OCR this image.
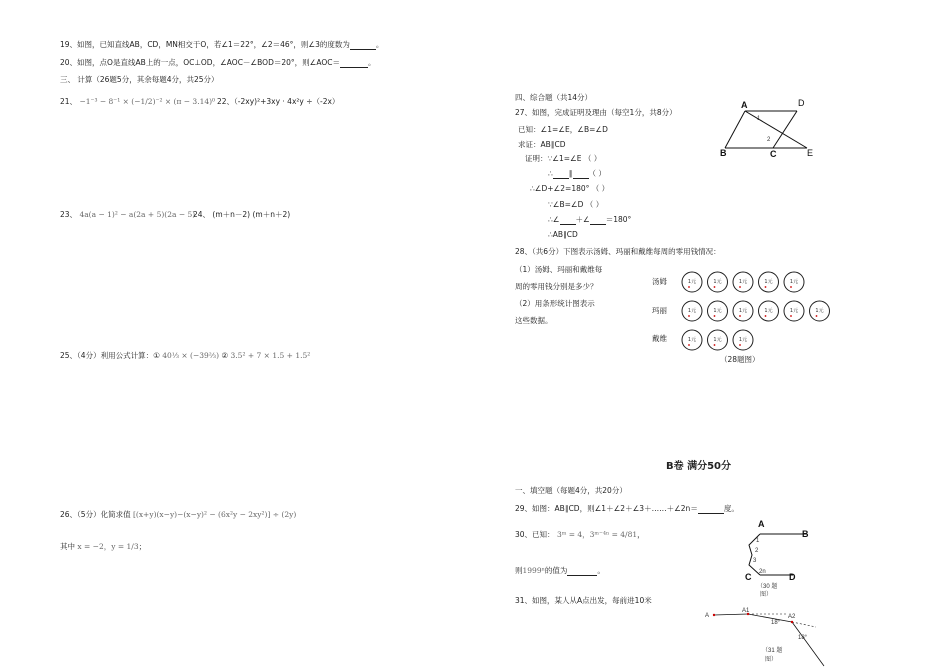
19、如图，已知直线AB，CD，MN相交于O，若∠1＝22°，∠2＝46°，则∠3的度数为	。
20、如图，点O是直线AB上的一点，OC⊥OD，∠AOC－∠BOD＝20°，则∠AOC＝	。
三、 计算（26题5分，其余每题4分，共25分）
21、 −1⁻³ − 8⁻¹ × (−1/2)⁻² × (π − 3.14)⁰ 22、（-2xy)²+3xy · 4x²y ÷（-2x）
23、 4a(a − 1)² − a(2a + 5)(2a − 5)
24、 (m＋n－2) (m＋n＋2)
25、（4分）利用公式计算：① 40⅓ × (−39⅔) ② 3.5² + 7 × 1.5 + 1.5²
26、（5分）化简求值 [(x+y)(x−y)−(x−y)² − (6x²y − 2xy²)] ÷ (2y)
其中 x = −2，y = 1/3；
四、综合题（共14分）
27、如图，完成证明及理由（每空1分，共8分）
已知：∠1=∠E，∠B=∠D
求证：AB∥CD
证明：∵∠1=∠E （ ）
∴ ∥ （ ）
∴∠D+∠2=180° （ ）
∵∠B=∠D （ ）
∴∠ ＋∠ ＝180°
∴AB∥CD
A	D
B	C	E
1
2
28、（共6分）下图表示汤姆、玛丽和戴维每周的零用钱情况：
（1）汤姆、玛丽和戴维每
周的零用钱分别是多少？
（2）用条形统计图表示
这些数据。
汤姆
玛丽
戴维
1元	1元	1元	1元	1元
1元	1元	1元	1元	1元	1元
1元	1元	1元
（28题图）
B卷 满分50分
一、填空题（每题4分，共20分）
29、如图：AB∥CD，则∠1＋∠2＋∠3＋……＋∠2n＝	度。
30、已知： 3ᵐ = 4，3ᵐ⁻⁴ⁿ = 4/81，
则1999ⁿ的值为	。
31、如图，某人从A点出发，每前进10米
A
B
C	D
1
2
3
2n
（30 题
图）
A
A1
A2
18°
18°
（31 题
图）
